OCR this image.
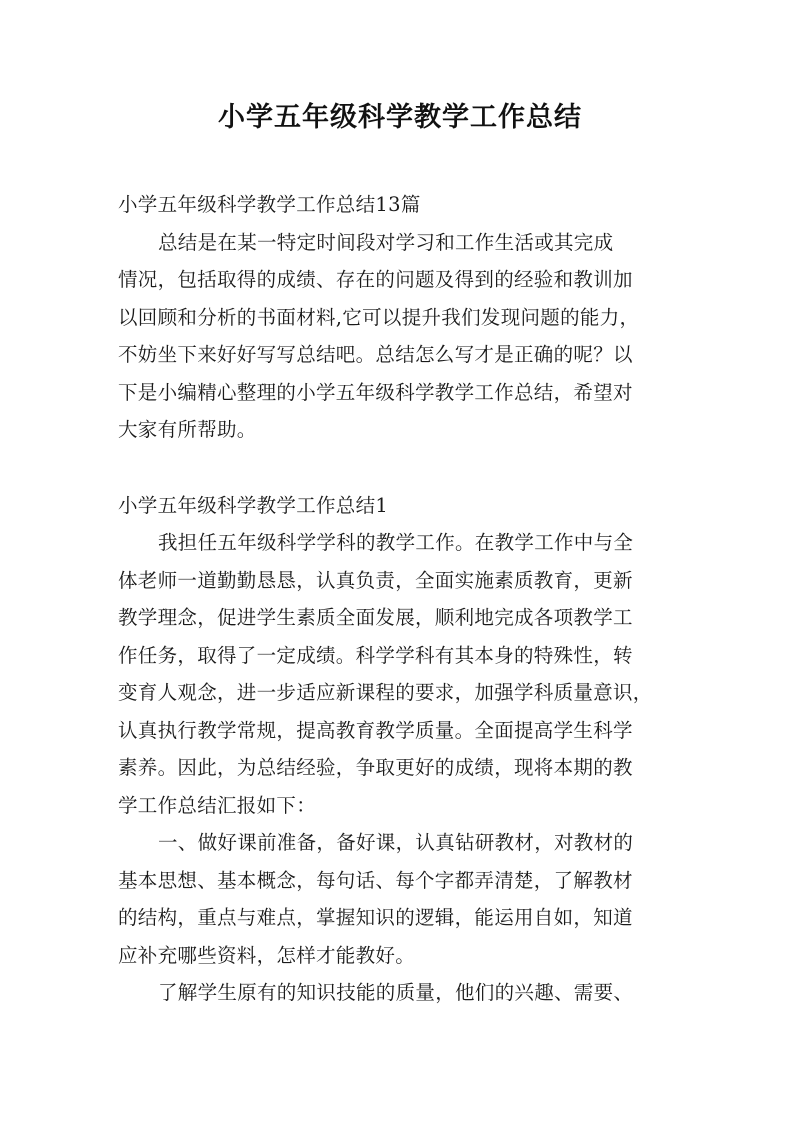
小学五年级科学教学工作总结
小学五年级科学教学工作总结13篇
总结是在某一特定时间段对学习和工作生活或其完成
情况，包括取得的成绩、存在的问题及得到的经验和教训加
以回顾和分析的书面材料,它可以提升我们发现问题的能力，
不妨坐下来好好写写总结吧。总结怎么写才是正确的呢？以
下是小编精心整理的小学五年级科学教学工作总结，希望对
大家有所帮助。
小学五年级科学教学工作总结1
我担任五年级科学学科的教学工作。在教学工作中与全
体老师一道勤勤恳恳，认真负责，全面实施素质教育，更新
教学理念，促进学生素质全面发展，顺利地完成各项教学工
作任务，取得了一定成绩。科学学科有其本身的特殊性，转
变育人观念，进一步适应新课程的要求，加强学科质量意识，
认真执行教学常规，提高教育教学质量。全面提高学生科学
素养。因此，为总结经验，争取更好的成绩，现将本期的教
学工作总结汇报如下：
一、做好课前准备，备好课，认真钻研教材，对教材的
基本思想、基本概念，每句话、每个字都弄清楚，了解教材
的结构，重点与难点，掌握知识的逻辑，能运用自如，知道
应补充哪些资料，怎样才能教好。
了解学生原有的知识技能的质量，他们的兴趣、需要、
